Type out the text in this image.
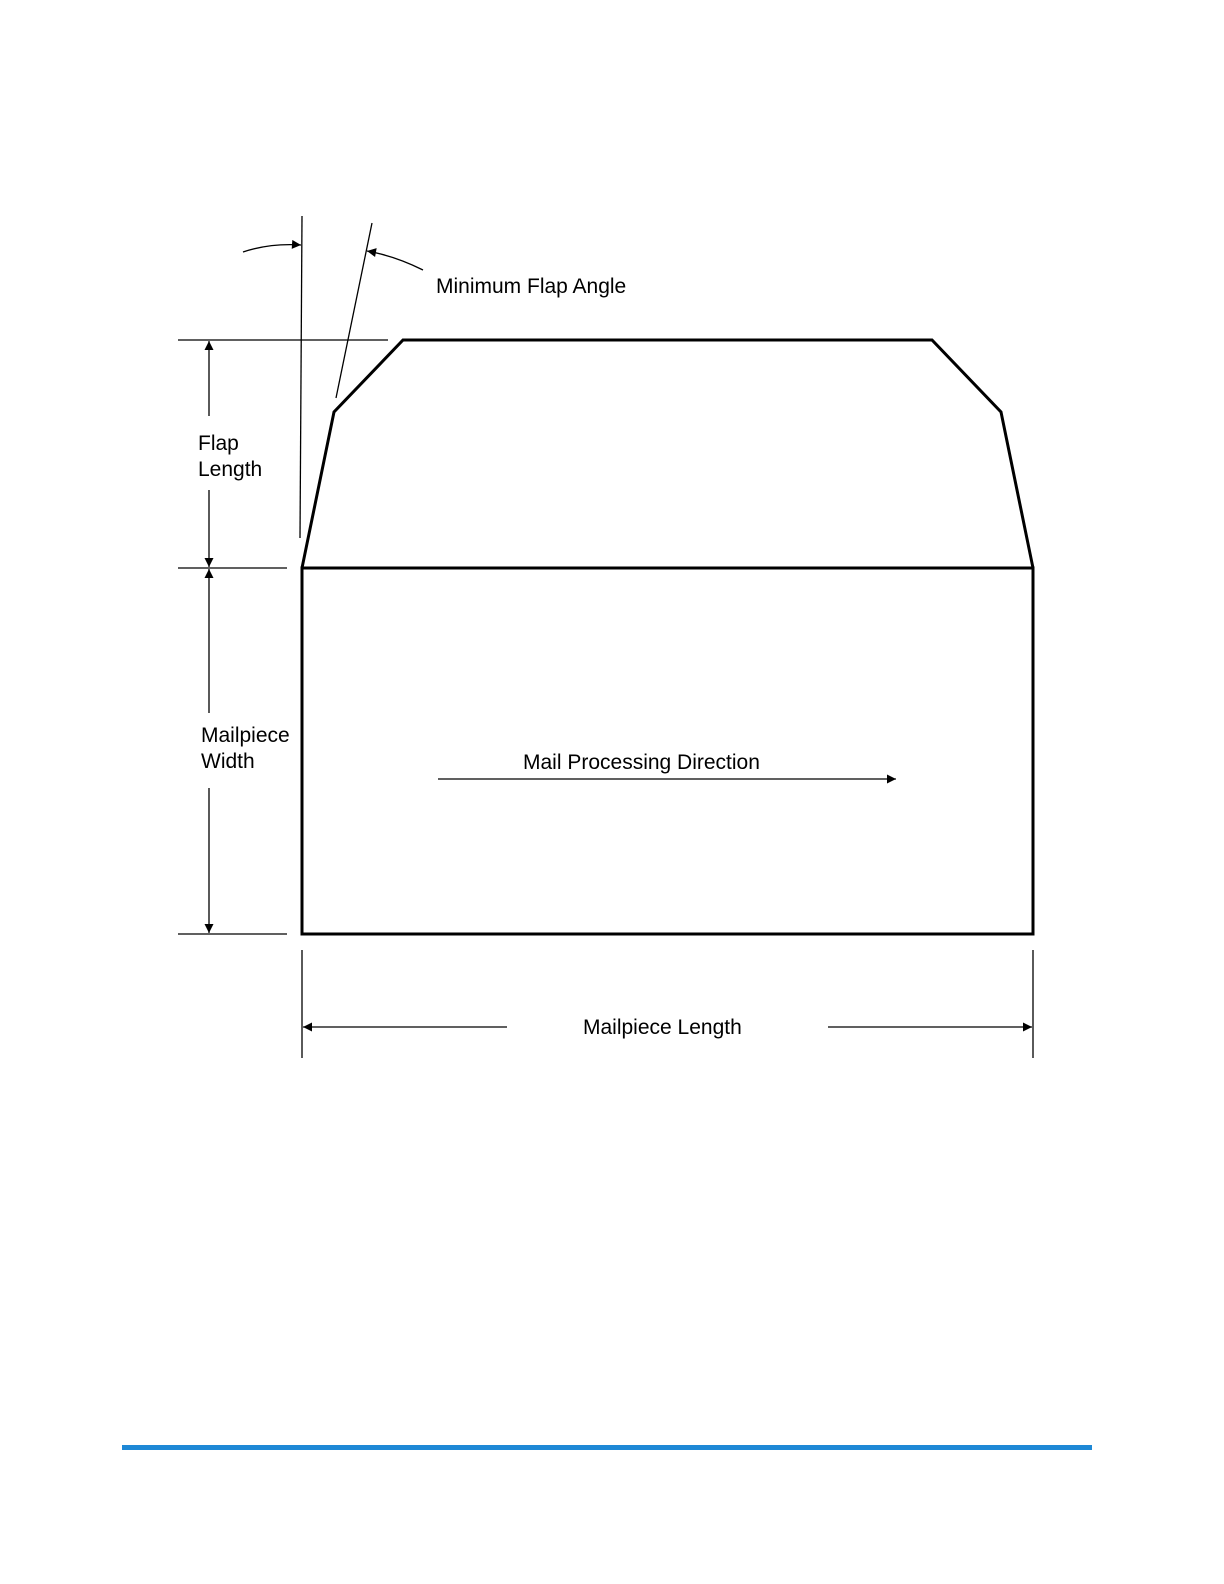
Minimum Flap Angle
Flap
Length
Mailpiece
Width	Mail Processing Direction
Mailpiece Length
